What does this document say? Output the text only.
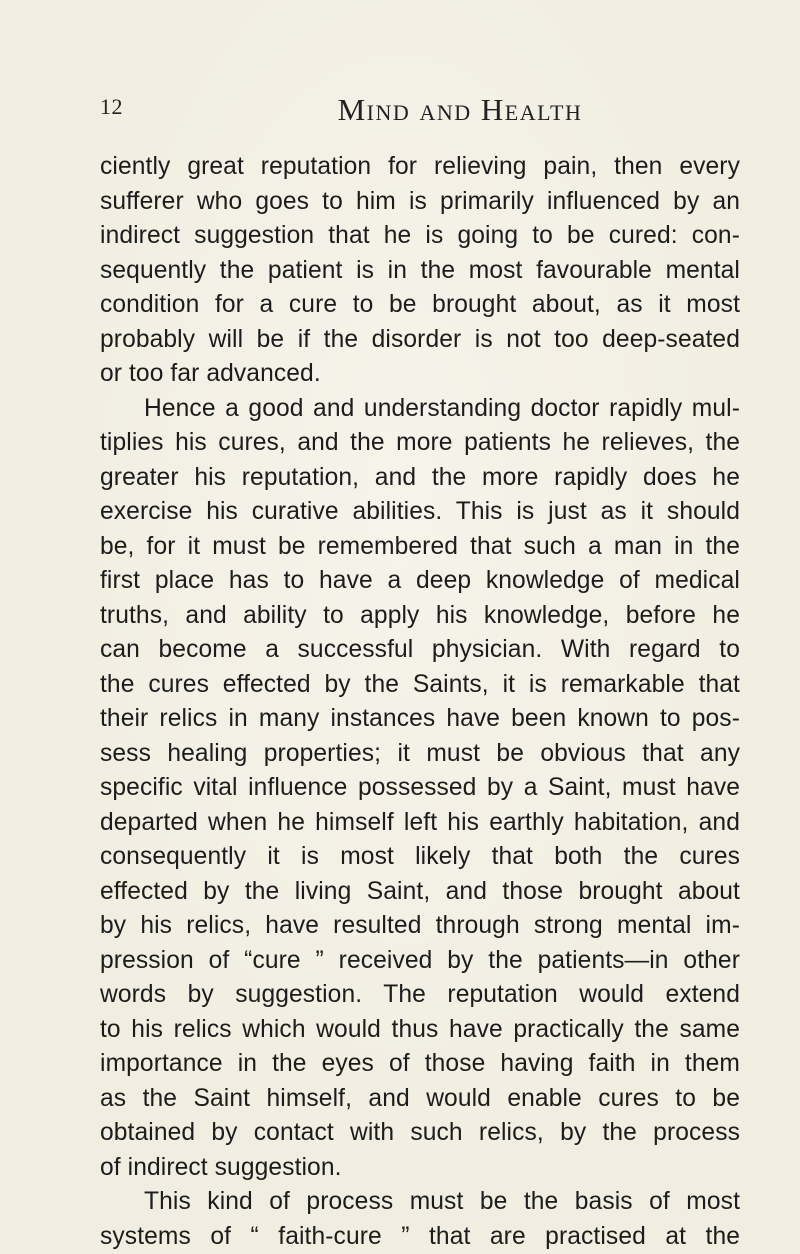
12	Mind and Health
ciently great reputation for relieving pain, then every
sufferer who goes to him is primarily influenced by an
indirect suggestion that he is going to be cured: con-
sequently the patient is in the most favourable mental
condition for a cure to be brought about, as it most
probably will be if the disorder is not too deep-seated
or too far advanced.
Hence a good and understanding doctor rapidly mul-
tiplies his cures, and the more patients he relieves, the
greater his reputation, and the more rapidly does he
exercise his curative abilities. This is just as it should
be, for it must be remembered that such a man in the
first place has to have a deep knowledge of medical
truths, and ability to apply his knowledge, before he
can become a successful physician. With regard to
the cures effected by the Saints, it is remarkable that
their relics in many instances have been known to pos-
sess healing properties; it must be obvious that any
specific vital influence possessed by a Saint, must have
departed when he himself left his earthly habitation, and
consequently it is most likely that both the cures
effected by the living Saint, and those brought about
by his relics, have resulted through strong mental im-
pression of “cure ” received by the patients—in other
words by suggestion. The reputation would extend
to his relics which would thus have practically the same
importance in the eyes of those having faith in them
as the Saint himself, and would enable cures to be
obtained by contact with such relics, by the process
of indirect suggestion.
This kind of process must be the basis of most
systems of “ faith-cure ” that are practised at the
